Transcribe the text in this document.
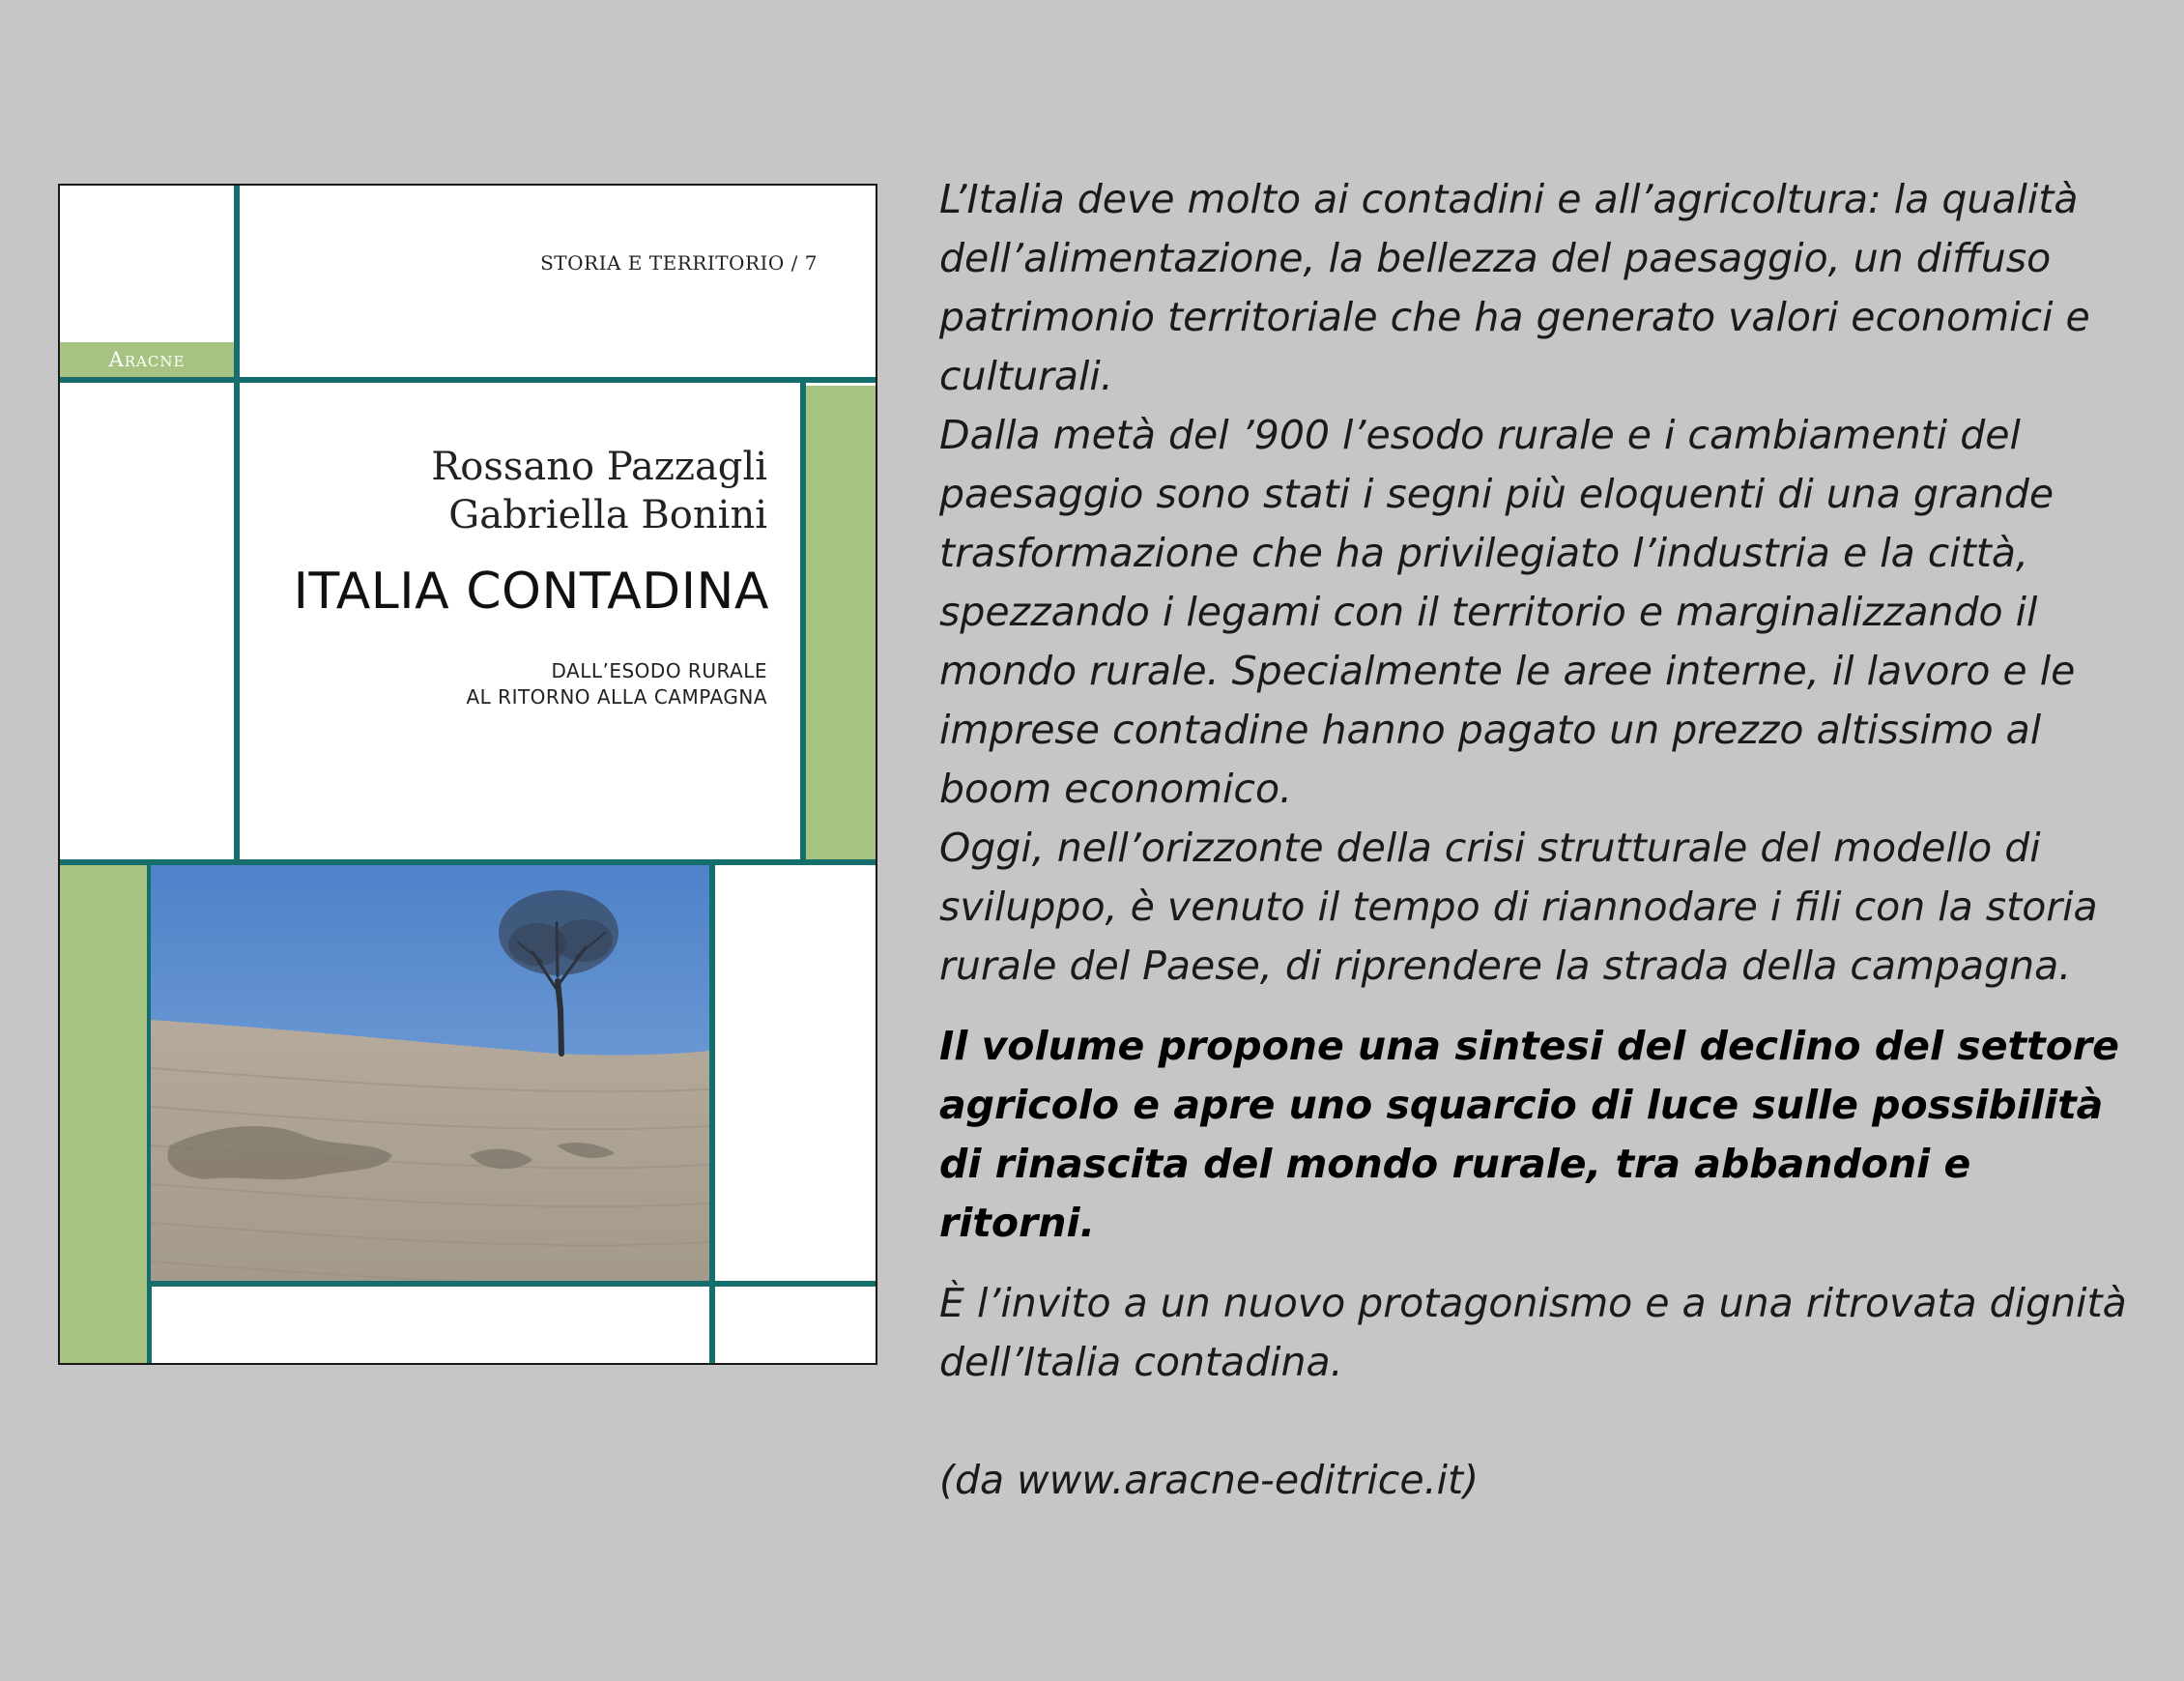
STORIA E TERRITORIO / 7
Aracne
Rossano Pazzagli
Gabriella Bonini
ITALIA CONTADINA
DALL’ESODO RURALE
AL RITORNO ALLA CAMPAGNA

L’Italia deve molto ai contadini e all’agricoltura: la qualità dell’alimentazione, la bellezza del paesaggio, un diffuso patrimonio territoriale che ha generato valori economici e culturali.

Dalla metà del ’900 l’esodo rurale e i cambiamenti del paesaggio sono stati i segni più eloquenti di una grande trasformazione che ha privilegiato l’industria e la città, spezzando i legami con il territorio e marginalizzando il mondo rurale. Specialmente le aree interne, il lavoro e le imprese contadine hanno pagato un prezzo altissimo al boom economico.

Oggi, nell’orizzonte della crisi strutturale del modello di sviluppo, è venuto il tempo di riannodare i fili con la storia rurale del Paese, di riprendere la strada della campagna.

Il volume propone una sintesi del declino del settore agricolo e apre uno squarcio di luce sulle possibilità di rinascita del mondo rurale, tra abbandoni e ritorni.

È l’invito a un nuovo protagonismo e a una ritrovata dignità dell’Italia contadina.

(da www.aracne-editrice.it)
